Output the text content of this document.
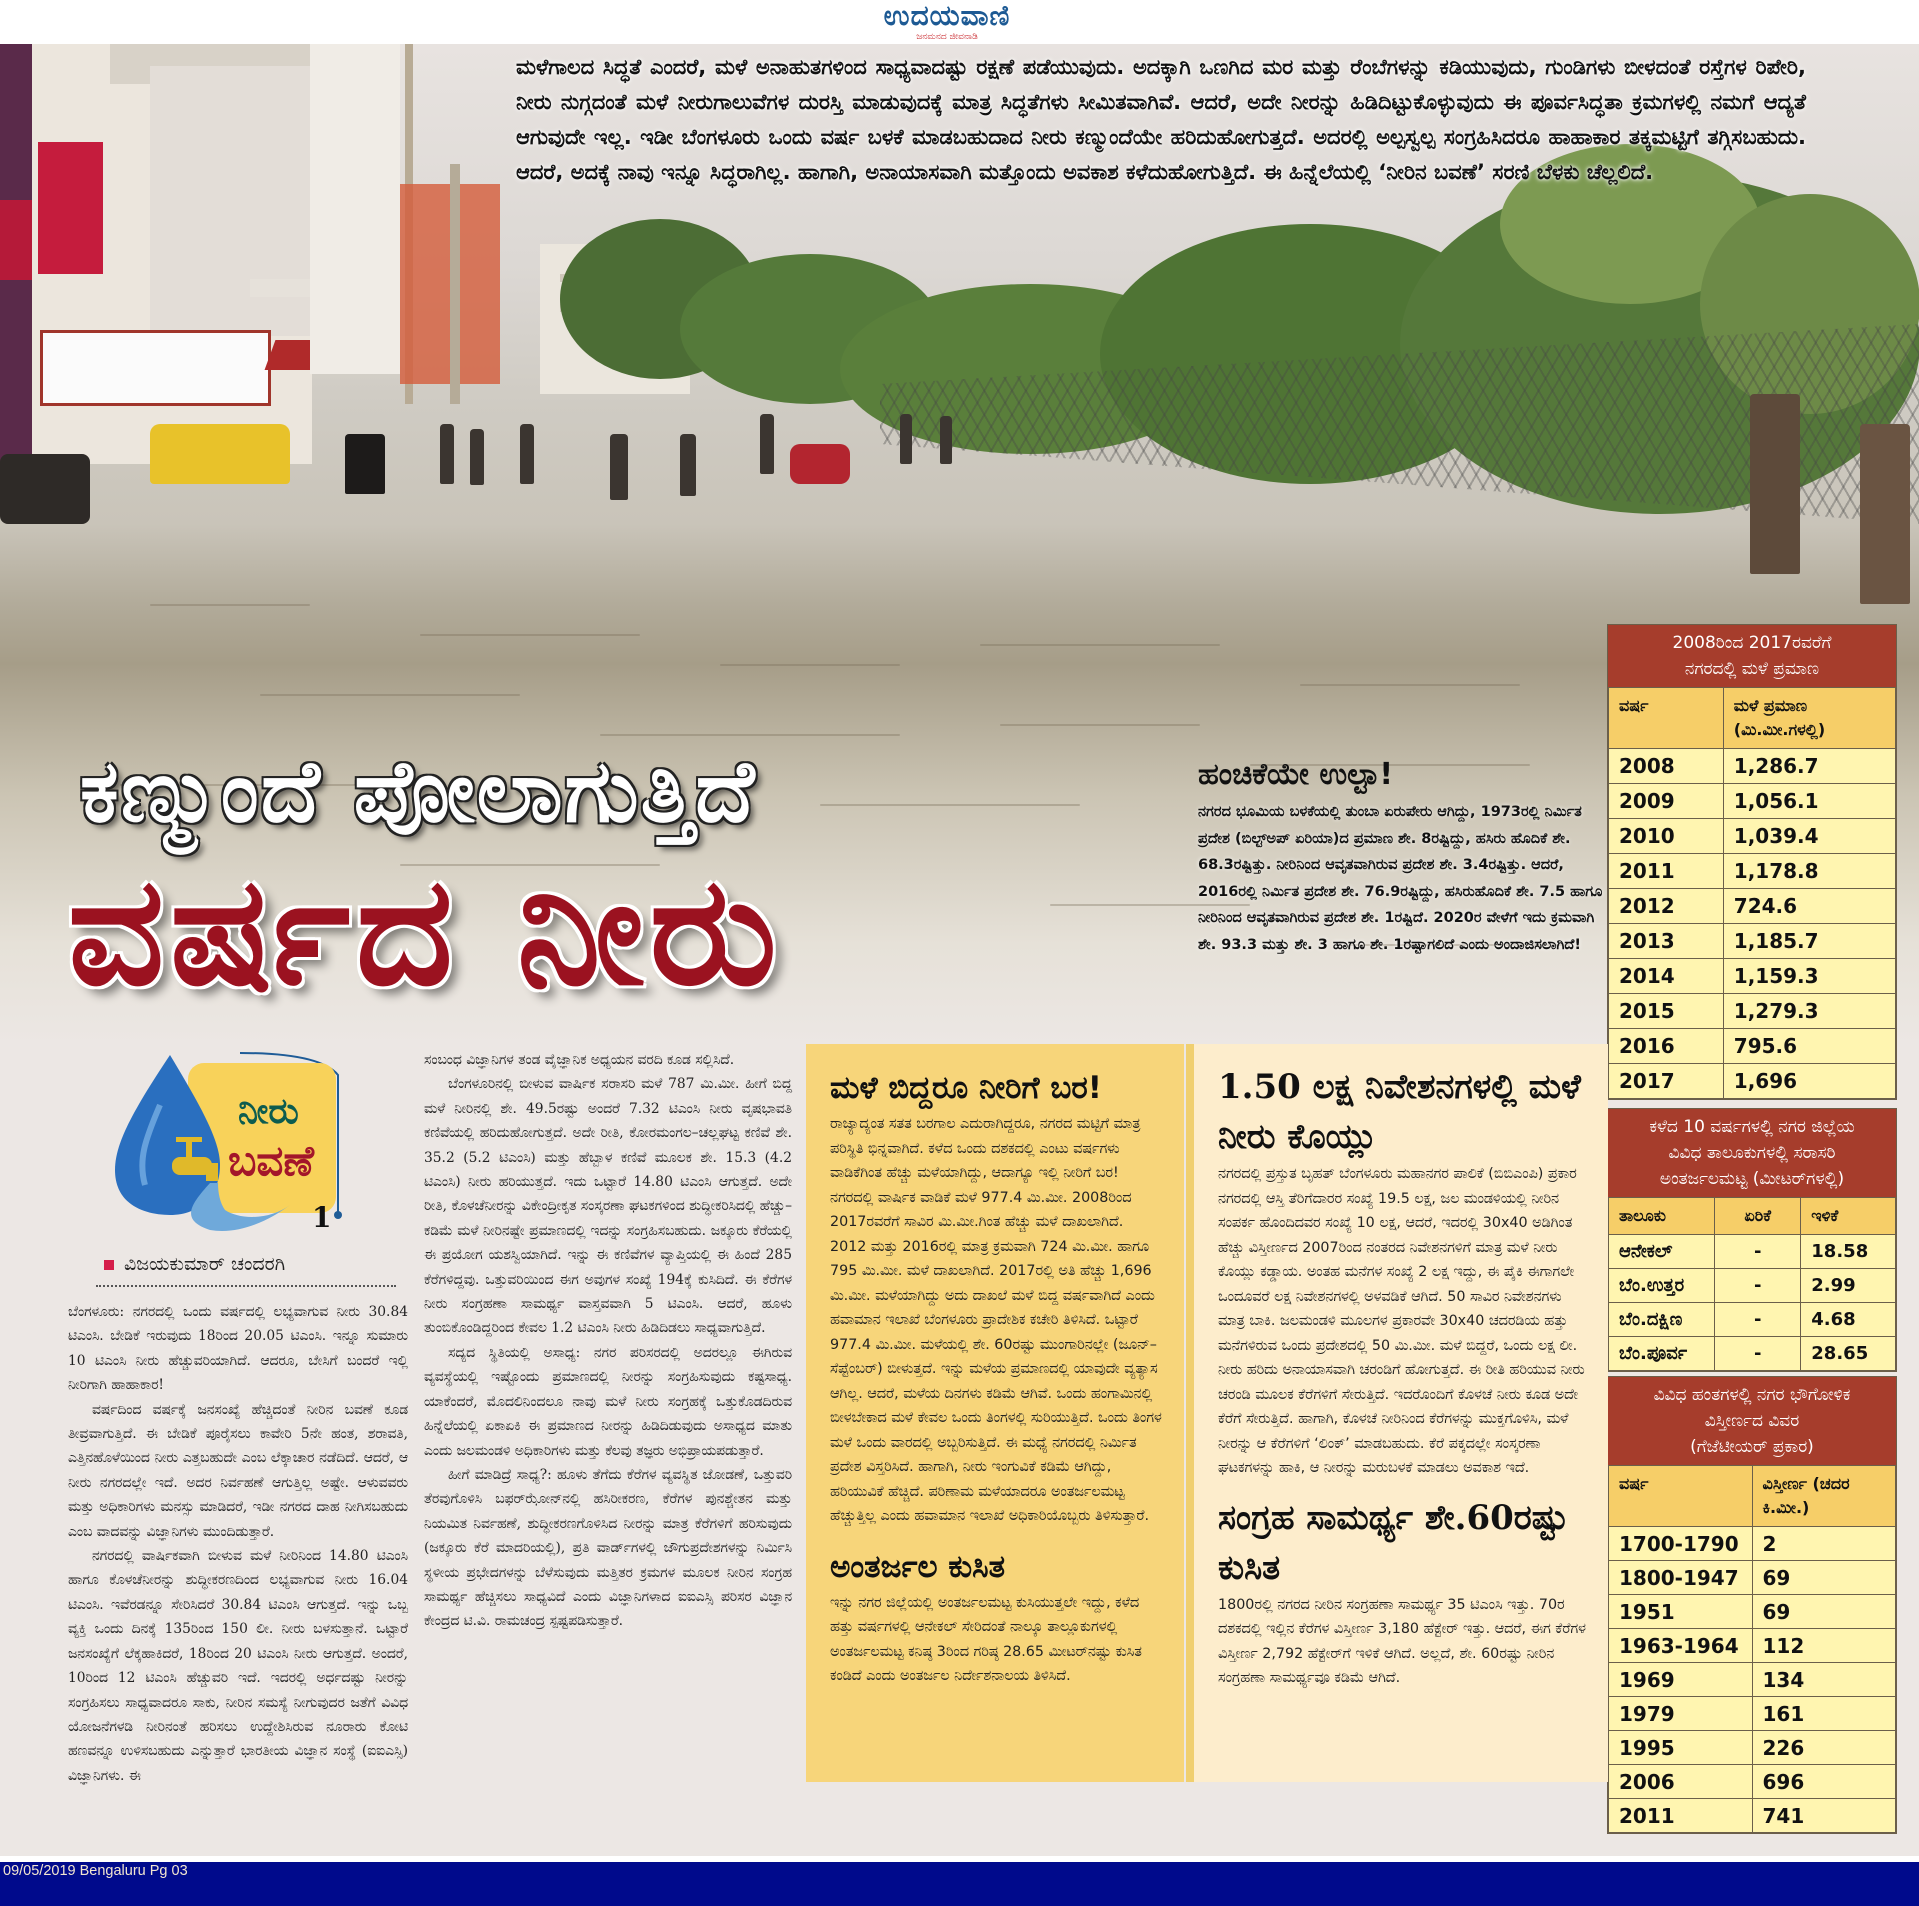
ಉದಯವಾಣಿ
ಜನಮನದ ಜೀವನಾಡಿ
ಮಳೆಗಾಲದ ಸಿದ್ಧತೆ ಎಂದರೆ, ಮಳೆ ಅನಾಹುತಗಳಿಂದ ಸಾಧ್ಯವಾದಷ್ಟು ರಕ್ಷಣೆ ಪಡೆಯುವುದು. ಅದಕ್ಕಾಗಿ ಒಣಗಿದ ಮರ ಮತ್ತು ರೆಂಬೆಗಳನ್ನು ಕಡಿಯುವುದು, ಗುಂಡಿಗಳು ಬೀಳದಂತೆ ರಸ್ತೆಗಳ ರಿಪೇರಿ, ನೀರು ನುಗ್ಗದಂತೆ ಮಳೆ ನೀರುಗಾಲುವೆಗಳ ದುರಸ್ತಿ ಮಾಡುವುದಕ್ಕೆ ಮಾತ್ರ ಸಿದ್ಧತೆಗಳು ಸೀಮಿತವಾಗಿವೆ. ಆದರೆ, ಅದೇ ನೀರನ್ನು ಹಿಡಿದಿಟ್ಟುಕೊಳ್ಳುವುದು ಈ ಪೂರ್ವಸಿದ್ಧತಾ ಕ್ರಮಗಳಲ್ಲಿ ನಮಗೆ ಆದ್ಯತೆ ಆಗುವುದೇ ಇಲ್ಲ. ಇಡೀ ಬೆಂಗಳೂರು ಒಂದು ವರ್ಷ ಬಳಕೆ ಮಾಡಬಹುದಾದ ನೀರು ಕಣ್ಮುಂದೆಯೇ ಹರಿದುಹೋಗುತ್ತದೆ. ಅದರಲ್ಲಿ ಅಲ್ಪಸ್ವಲ್ಪ ಸಂಗ್ರಹಿಸಿದರೂ ಹಾಹಾಕಾರ ತಕ್ಕಮಟ್ಟಿಗೆ ತಗ್ಗಿಸಬಹುದು. ಆದರೆ, ಅದಕ್ಕೆ ನಾವು ಇನ್ನೂ ಸಿದ್ಧರಾಗಿಲ್ಲ. ಹಾಗಾಗಿ, ಅನಾಯಾಸವಾಗಿ ಮತ್ತೊಂದು ಅವಕಾಶ ಕಳೆದುಹೋಗುತ್ತಿದೆ. ಈ ಹಿನ್ನೆಲೆಯಲ್ಲಿ ‘ನೀರಿನ ಬವಣೆ’ ಸರಣಿ ಬೆಳಕು ಚೆಲ್ಲಲಿದೆ.
ಕಣ್ಮುಂದೆ ಪೋಲಾಗುತ್ತಿದೆ
ವರ್ಷದ ನೀರು
ಹಂಚಿಕೆಯೇ ಉಲ್ಟಾ!

ನಗರದ ಭೂಮಿಯ ಬಳಕೆಯಲ್ಲಿ ತುಂಬಾ ಏರುಪೇರು ಆಗಿದ್ದು, 1973ರಲ್ಲಿ ನಿರ್ಮಿತ ಪ್ರದೇಶ (ಬಿಲ್ಟ್‌ಅಪ್ ಏರಿಯಾ)ದ ಪ್ರಮಾಣ ಶೇ. 8ರಷ್ಟಿದ್ದು, ಹಸಿರು ಹೊದಿಕೆ ಶೇ. 68.3ರಷ್ಟಿತ್ತು. ನೀರಿನಿಂದ ಆವೃತವಾಗಿರುವ ಪ್ರದೇಶ ಶೇ. 3.4ರಷ್ಟಿತ್ತು. ಆದರೆ, 2016ರಲ್ಲಿ ನಿರ್ಮಿತ ಪ್ರದೇಶ ಶೇ. 76.9ರಷ್ಟಿದ್ದು, ಹಸಿರುಹೊದಿಕೆ ಶೇ. 7.5 ಹಾಗೂ ನೀರಿನಿಂದ ಆವೃತವಾಗಿರುವ ಪ್ರದೇಶ ಶೇ. 1ರಷ್ಟಿದೆ. 2020ರ ವೇಳೆಗೆ ಇದು ಕ್ರಮವಾಗಿ ಶೇ. 93.3 ಮತ್ತು ಶೇ. 3 ಹಾಗೂ ಶೇ. 1ರಷ್ಟಾಗಲಿದೆ ಎಂದು ಅಂದಾಜಿಸಲಾಗಿದೆ!

2008ರಿಂದ 2017ರವರೆಗೆ
ನಗರದಲ್ಲಿ ಮಳೆ ಪ್ರಮಾಣ
ವರ್ಷ	ಮಳೆ ಪ್ರಮಾಣ (ಮಿ.ಮೀ.ಗಳಲ್ಲಿ)
2008	1,286.7
2009	1,056.1
2010	1,039.4
2011	1,178.8
2012	724.6
2013	1,185.7
2014	1,159.3
2015	1,279.3
2016	795.6
2017	1,696
ಕಳೆದ 10 ವರ್ಷಗಳಲ್ಲಿ ನಗರ ಜಿಲ್ಲೆಯ
ವಿವಿಧ ತಾಲೂಕುಗಳಲ್ಲಿ ಸರಾಸರಿ
ಅಂತರ್ಜಲಮಟ್ಟ (ಮೀಟರ್‌ಗಳಲ್ಲಿ)
ತಾಲೂಕು	ಏರಿಕೆ	ಇಳಿಕೆ
ಆನೇಕಲ್	-	18.58
ಬೆಂ.ಉತ್ತರ	-	2.99
ಬೆಂ.ದಕ್ಷಿಣ	-	4.68
ಬೆಂ.ಪೂರ್ವ	-	28.65
ವಿವಿಧ ಹಂತಗಳಲ್ಲಿ ನಗರ ಭೌಗೋಳಿಕ
ವಿಸ್ತೀರ್ಣದ ವಿವರ
(ಗೆಜೆಟೀಯರ್ ಪ್ರಕಾರ)
ವರ್ಷ	ವಿಸ್ತೀರ್ಣ (ಚದರ ಕಿ.ಮೀ.)
1700-1790	2
1800-1947	69
1951	69
1963-1964	112
1969	134
1979	161
1995	226
2006	696
2011	741
ನೀರು
ಬವಣೆ
1
ವಿಜಯಕುಮಾರ್ ಚಂದರಗಿ

ಬೆಂಗಳೂರು: ನಗರದಲ್ಲಿ ಒಂದು ವರ್ಷದಲ್ಲಿ ಲಭ್ಯವಾಗುವ ನೀರು 30.84 ಟಿಎಂಸಿ. ಬೇಡಿಕೆ ಇರುವುದು 18ರಿಂದ 20.05 ಟಿಎಂಸಿ. ಇನ್ನೂ ಸುಮಾರು 10 ಟಿಎಂಸಿ ನೀರು ಹೆಚ್ಚುವರಿಯಾಗಿದೆ. ಆದರೂ, ಬೇಸಿಗೆ ಬಂದರೆ ಇಲ್ಲಿ ನೀರಿಗಾಗಿ ಹಾಹಾಕಾರ!

ವರ್ಷದಿಂದ ವರ್ಷಕ್ಕೆ ಜನಸಂಖ್ಯೆ ಹೆಚ್ಚಿದಂತೆ ನೀರಿನ ಬವಣೆ ಕೂಡ ತೀವ್ರವಾಗುತ್ತಿದೆ. ಈ ಬೇಡಿಕೆ ಪೂರೈಸಲು ಕಾವೇರಿ 5ನೇ ಹಂತ, ಶರಾವತಿ, ಎತ್ತಿನಹೊಳೆಯಿಂದ ನೀರು ಎತ್ತಬಹುದೇ ಎಂಬ ಲೆಕ್ಕಾಚಾರ ನಡೆದಿದೆ. ಆದರೆ, ಆ ನೀರು ನಗರದಲ್ಲೇ ಇದೆ. ಅದರ ನಿರ್ವಹಣೆ ಆಗುತ್ತಿಲ್ಲ ಅಷ್ಟೇ. ಆಳುವವರು ಮತ್ತು ಅಧಿಕಾರಿಗಳು ಮನಸ್ಸು ಮಾಡಿದರೆ, ಇಡೀ ನಗರದ ದಾಹ ನೀಗಿಸಬಹುದು ಎಂಬ ವಾದವನ್ನು ವಿಜ್ಞಾನಿಗಳು ಮುಂದಿಡುತ್ತಾರೆ.

ನಗರದಲ್ಲಿ ವಾರ್ಷಿಕವಾಗಿ ಬೀಳುವ ಮಳೆ ನೀರಿನಿಂದ 14.80 ಟಿಎಂಸಿ ಹಾಗೂ ಕೊಳಚೆನೀರನ್ನು ಶುದ್ಧೀಕರಣದಿಂದ ಲಭ್ಯವಾಗುವ ನೀರು 16.04 ಟಿಎಂಸಿ. ಇವೆರಡನ್ನೂ ಸೇರಿಸಿದರೆ 30.84 ಟಿಎಂಸಿ ಆಗುತ್ತದೆ. ಇನ್ನು ಒಬ್ಬ ವ್ಯಕ್ತಿ ಒಂದು ದಿನಕ್ಕೆ 135ರಿಂದ 150 ಲೀ. ನೀರು ಬಳಸುತ್ತಾನೆ. ಒಟ್ಟಾರೆ ಜನಸಂಖ್ಯೆಗೆ ಲೆಕ್ಕಹಾಕಿದರೆ, 18ರಿಂದ 20 ಟಿಎಂಸಿ ನೀರು ಆಗುತ್ತದೆ. ಅಂದರೆ, 10ರಿಂದ 12 ಟಿಎಂಸಿ ಹೆಚ್ಚುವರಿ ಇದೆ. ಇದರಲ್ಲಿ ಅರ್ಧದಷ್ಟು ನೀರನ್ನು ಸಂಗ್ರಹಿಸಲು ಸಾಧ್ಯವಾದರೂ ಸಾಕು, ನೀರಿನ ಸಮಸ್ಯೆ ನೀಗುವುದರ ಜತೆಗೆ ವಿವಿಧ ಯೋಜನೆಗಳಡಿ ನೀರಿನಂತೆ ಹರಿಸಲು ಉದ್ದೇಶಿಸಿರುವ ನೂರಾರು ಕೋಟಿ ಹಣವನ್ನೂ ಉಳಿಸಬಹುದು ಎನ್ನುತ್ತಾರೆ ಭಾರತೀಯ ವಿಜ್ಞಾನ ಸಂಸ್ಥೆ (ಐಐಎಸ್ಸಿ) ವಿಜ್ಞಾನಿಗಳು. ಈ

ಸಂಬಂಧ ವಿಜ್ಞಾನಿಗಳ ತಂಡ ವೈಜ್ಞಾನಿಕ ಅಧ್ಯಯನ ವರದಿ ಕೂಡ ಸಲ್ಲಿಸಿದೆ.

ಬೆಂಗಳೂರಿನಲ್ಲಿ ಬೀಳುವ ವಾರ್ಷಿಕ ಸರಾಸರಿ ಮಳೆ 787 ಮಿ.ಮೀ. ಹೀಗೆ ಬಿದ್ದ ಮಳೆ ನೀರಿನಲ್ಲಿ ಶೇ. 49.5ರಷ್ಟು ಅಂದರೆ 7.32 ಟಿಎಂಸಿ ನೀರು ವೃಷಭಾವತಿ ಕಣಿವೆಯಲ್ಲಿ ಹರಿದುಹೋಗುತ್ತದೆ. ಅದೇ ರೀತಿ, ಕೋರಮಂಗಲ–ಚಲ್ಲಘಟ್ಟ ಕಣಿವೆ ಶೇ. 35.2 (5.2 ಟಿಎಂಸಿ) ಮತ್ತು ಹೆಬ್ಬಾಳ ಕಣಿವೆ ಮೂಲಕ ಶೇ. 15.3 (4.2 ಟಿಎಂಸಿ) ನೀರು ಹರಿಯುತ್ತದೆ. ಇದು ಒಟ್ಟಾರೆ 14.80 ಟಿಎಂಸಿ ಆಗುತ್ತದೆ. ಅದೇ ರೀತಿ, ಕೊಳಚೆನೀರನ್ನು ವಿಕೇಂದ್ರೀಕೃತ ಸಂಸ್ಕರಣಾ ಘಟಕಗಳಿಂದ ಶುದ್ಧೀಕರಿಸಿದಲ್ಲಿ ಹೆಚ್ಚು–ಕಡಿಮೆ ಮಳೆ ನೀರಿನಷ್ಟೇ ಪ್ರಮಾಣದಲ್ಲಿ ಇದನ್ನು ಸಂಗ್ರಹಿಸಬಹುದು. ಜಕ್ಕೂರು ಕೆರೆಯಲ್ಲಿ ಈ ಪ್ರಯೋಗ ಯಶಸ್ವಿಯಾಗಿದೆ. ಇನ್ನು ಈ ಕಣಿವೆಗಳ ವ್ಯಾಪ್ತಿಯಲ್ಲಿ ಈ ಹಿಂದೆ 285 ಕೆರೆಗಳಿದ್ದವು. ಒತ್ತುವರಿಯಿಂದ ಈಗ ಅವುಗಳ ಸಂಖ್ಯೆ 194ಕ್ಕೆ ಕುಸಿದಿದೆ. ಈ ಕೆರೆಗಳ ನೀರು ಸಂಗ್ರಹಣಾ ಸಾಮರ್ಥ್ಯ ವಾಸ್ತವವಾಗಿ 5 ಟಿಎಂಸಿ. ಆದರೆ, ಹೂಳು ತುಂಬಿಕೊಂಡಿದ್ದರಿಂದ ಕೇವಲ 1.2 ಟಿಎಂಸಿ ನೀರು ಹಿಡಿದಿಡಲು ಸಾಧ್ಯವಾಗುತ್ತಿದೆ.

ಸದ್ಯದ ಸ್ಥಿತಿಯಲ್ಲಿ ಅಸಾಧ್ಯ: ನಗರ ಪರಿಸರದಲ್ಲಿ ಅದರಲ್ಲೂ ಈಗಿರುವ ವ್ಯವಸ್ಥೆಯಲ್ಲಿ ಇಷ್ಟೊಂದು ಪ್ರಮಾಣದಲ್ಲಿ ನೀರನ್ನು ಸಂಗ್ರಹಿಸುವುದು ಕಷ್ಟಸಾಧ್ಯ. ಯಾಕೆಂದರೆ, ಮೊದಲಿನಿಂದಲೂ ನಾವು ಮಳೆ ನೀರು ಸಂಗ್ರಹಕ್ಕೆ ಒತ್ತುಕೊಡದಿರುವ ಹಿನ್ನೆಲೆಯಲ್ಲಿ ಏಕಾಏಕಿ ಈ ಪ್ರಮಾಣದ ನೀರನ್ನು ಹಿಡಿದಿಡುವುದು ಅಸಾಧ್ಯದ ಮಾತು ಎಂದು ಜಲಮಂಡಳಿ ಅಧಿಕಾರಿಗಳು ಮತ್ತು ಕೆಲವು ತಜ್ಞರು ಅಭಿಪ್ರಾಯಪಡುತ್ತಾರೆ.

ಹೀಗೆ ಮಾಡಿದ್ರೆ ಸಾಧ್ಯ?: ಹೂಳು ತೆಗೆದು ಕೆರೆಗಳ ವ್ಯವಸ್ಥಿತ ಜೋಡಣೆ, ಒತ್ತುವರಿ ತೆರವುಗೊಳಿಸಿ ಬಫರ್‌ಝೋನ್‌ನಲ್ಲಿ ಹಸಿರೀಕರಣ, ಕೆರೆಗಳ ಪುನಶ್ಚೇತನ ಮತ್ತು ನಿಯಮಿತ ನಿರ್ವಹಣೆ, ಶುದ್ಧೀಕರಣಗೊಳಿಸಿದ ನೀರನ್ನು ಮಾತ್ರ ಕೆರೆಗಳಿಗೆ ಹರಿಸುವುದು (ಜಕ್ಕೂರು ಕೆರೆ ಮಾದರಿಯಲ್ಲಿ), ಪ್ರತಿ ವಾರ್ಡ್‌ಗಳಲ್ಲಿ ಜೌಗುಪ್ರದೇಶಗಳನ್ನು ನಿರ್ಮಿಸಿ ಸ್ಥಳೀಯ ಪ್ರಭೇದಗಳನ್ನು ಬೆಳೆಸುವುದು ಮತ್ತಿತರ ಕ್ರಮಗಳ ಮೂಲಕ ನೀರಿನ ಸಂಗ್ರಹ ಸಾಮರ್ಥ್ಯ ಹೆಚ್ಚಿಸಲು ಸಾಧ್ಯವಿದೆ ಎಂದು ವಿಜ್ಞಾನಿಗಳಾದ ಐಐಎಸ್ಸಿ ಪರಿಸರ ವಿಜ್ಞಾನ ಕೇಂದ್ರದ ಟಿ.ವಿ. ರಾಮಚಂದ್ರ ಸ್ಪಷ್ಟಪಡಿಸುತ್ತಾರೆ.

ಮಳೆ ಬಿದ್ದರೂ ನೀರಿಗೆ ಬರ!
ರಾಜ್ಯಾದ್ಯಂತ ಸತತ ಬರಗಾಲ ಎದುರಾಗಿದ್ದರೂ, ನಗರದ ಮಟ್ಟಿಗೆ ಮಾತ್ರ ಪರಿಸ್ಥಿತಿ ಭಿನ್ನವಾಗಿದೆ. ಕಳೆದ ಒಂದು ದಶಕದಲ್ಲಿ ಎಂಟು ವರ್ಷಗಳು ವಾಡಿಕೆಗಿಂತ ಹೆಚ್ಚು ಮಳೆಯಾಗಿದ್ದು, ಆದಾಗ್ಯೂ ಇಲ್ಲಿ ನೀರಿಗೆ ಬರ! ನಗರದಲ್ಲಿ ವಾರ್ಷಿಕ ವಾಡಿಕೆ ಮಳೆ 977.4 ಮಿ.ಮೀ. 2008ರಿಂದ 2017ರವರೆಗೆ ಸಾವಿರ ಮಿ.ಮೀ.ಗಿಂತ ಹೆಚ್ಚು ಮಳೆ ದಾಖಲಾಗಿದೆ. 2012 ಮತ್ತು 2016ರಲ್ಲಿ ಮಾತ್ರ ಕ್ರಮವಾಗಿ 724 ಮಿ.ಮೀ. ಹಾಗೂ 795 ಮಿ.ಮೀ. ಮಳೆ ದಾಖಲಾಗಿದೆ. 2017ರಲ್ಲಿ ಅತಿ ಹೆಚ್ಚು 1,696 ಮಿ.ಮೀ. ಮಳೆಯಾಗಿದ್ದು ಅದು ದಾಖಲೆ ಮಳೆ ಬಿದ್ದ ವರ್ಷವಾಗಿದೆ ಎಂದು ಹವಾಮಾನ ಇಲಾಖೆ ಬೆಂಗಳೂರು ಪ್ರಾದೇಶಿಕ ಕಚೇರಿ ತಿಳಿಸಿದೆ. ಒಟ್ಟಾರೆ 977.4 ಮಿ.ಮೀ. ಮಳೆಯಲ್ಲಿ ಶೇ. 60ರಷ್ಟು ಮುಂಗಾರಿನಲ್ಲೇ (ಜೂನ್–ಸೆಪ್ಟೆಂಬರ್) ಬೀಳುತ್ತದೆ. ಇನ್ನು ಮಳೆಯ ಪ್ರಮಾಣದಲ್ಲಿ ಯಾವುದೇ ವ್ಯತ್ಯಾಸ ಆಗಿಲ್ಲ. ಆದರೆ, ಮಳೆಯ ದಿನಗಳು ಕಡಿಮೆ ಆಗಿವೆ. ಒಂದು ಹಂಗಾಮಿನಲ್ಲಿ ಬೀಳಬೇಕಾದ ಮಳೆ ಕೇವಲ ಒಂದು ತಿಂಗಳಲ್ಲಿ ಸುರಿಯುತ್ತಿದೆ. ಒಂದು ತಿಂಗಳ ಮಳೆ ಒಂದು ವಾರದಲ್ಲಿ ಅಬ್ಬರಿಸುತ್ತಿದೆ. ಈ ಮಧ್ಯೆ ನಗರದಲ್ಲಿ ನಿರ್ಮಿತ ಪ್ರದೇಶ ವಿಸ್ತರಿಸಿದೆ. ಹಾಗಾಗಿ, ನೀರು ಇಂಗುವಿಕೆ ಕಡಿಮೆ ಆಗಿದ್ದು, ಹರಿಯುವಿಕೆ ಹೆಚ್ಚಿದೆ. ಪರಿಣಾಮ ಮಳೆಯಾದರೂ ಅಂತರ್ಜಲಮಟ್ಟ ಹೆಚ್ಚುತ್ತಿಲ್ಲ ಎಂದು ಹವಾಮಾನ ಇಲಾಖೆ ಅಧಿಕಾರಿಯೊಬ್ಬರು ತಿಳಿಸುತ್ತಾರೆ.
ಅಂತರ್ಜಲ ಕುಸಿತ
ಇನ್ನು ನಗರ ಜಿಲ್ಲೆಯಲ್ಲಿ ಅಂತರ್ಜಲಮಟ್ಟ ಕುಸಿಯುತ್ತಲೇ ಇದ್ದು, ಕಳೆದ ಹತ್ತು ವರ್ಷಗಳಲ್ಲಿ ಆನೇಕಲ್ ಸೇರಿದಂತೆ ನಾಲ್ಕೂ ತಾಲ್ಲೂಕುಗಳಲ್ಲಿ ಅಂತರ್ಜಲಮಟ್ಟ ಕನಿಷ್ಠ 3ರಿಂದ ಗರಿಷ್ಠ 28.65 ಮೀಟರ್‌ನಷ್ಟು ಕುಸಿತ ಕಂಡಿದೆ ಎಂದು ಅಂತರ್ಜಲ ನಿರ್ದೇಶನಾಲಯ ತಿಳಿಸಿದೆ.
1.50 ಲಕ್ಷ ನಿವೇಶನಗಳಲ್ಲಿ ಮಳೆ ನೀರು ಕೊಯ್ಲು
ನಗರದಲ್ಲಿ ಪ್ರಸ್ತುತ ಬೃಹತ್ ಬೆಂಗಳೂರು ಮಹಾನಗರ ಪಾಲಿಕೆ (ಬಿಬಿಎಂಪಿ) ಪ್ರಕಾರ ನಗರದಲ್ಲಿ ಆಸ್ತಿ ತೆರಿಗೆದಾರರ ಸಂಖ್ಯೆ 19.5 ಲಕ್ಷ, ಜಲ ಮಂಡಳಿಯಲ್ಲಿ ನೀರಿನ ಸಂಪರ್ಕ ಹೊಂದಿದವರ ಸಂಖ್ಯೆ 10 ಲಕ್ಷ, ಆದರೆ, ಇದರಲ್ಲಿ 30x40 ಅಡಿಗಿಂತ ಹೆಚ್ಚು ವಿಸ್ತೀರ್ಣದ 2007ರಿಂದ ನಂತರದ ನಿವೇಶನಗಳಿಗೆ ಮಾತ್ರ ಮಳೆ ನೀರು ಕೊಯ್ಲು ಕಡ್ಡಾಯ. ಅಂತಹ ಮನೆಗಳ ಸಂಖ್ಯೆ 2 ಲಕ್ಷ ಇದ್ದು, ಈ ಪೈಕಿ ಈಗಾಗಲೇ ಒಂದೂವರೆ ಲಕ್ಷ ನಿವೇಶನಗಳಲ್ಲಿ ಅಳವಡಿಕೆ ಆಗಿದೆ. 50 ಸಾವಿರ ನಿವೇಶನಗಳು ಮಾತ್ರ ಬಾಕಿ. ಜಲಮಂಡಳಿ ಮೂಲಗಳ ಪ್ರಕಾರವೇ 30x40 ಚದರಡಿಯ ಹತ್ತು ಮನೆಗಳಿರುವ ಒಂದು ಪ್ರದೇಶದಲ್ಲಿ 50 ಮಿ.ಮೀ. ಮಳೆ ಬಿದ್ದರೆ, ಒಂದು ಲಕ್ಷ ಲೀ. ನೀರು ಹರಿದು ಅನಾಯಾಸವಾಗಿ ಚರಂಡಿಗೆ ಹೋಗುತ್ತದೆ. ಈ ರೀತಿ ಹರಿಯುವ ನೀರು ಚರಂಡಿ ಮೂಲಕ ಕೆರೆಗಳಿಗೆ ಸೇರುತ್ತಿದೆ. ಇದರೊಂದಿಗೆ ಕೊಳಚೆ ನೀರು ಕೂಡ ಅದೇ ಕೆರೆಗೆ ಸೇರುತ್ತಿದೆ. ಹಾಗಾಗಿ, ಕೊಳಚೆ ನೀರಿನಿಂದ ಕೆರೆಗಳನ್ನು ಮುಕ್ತಗೊಳಿಸಿ, ಮಳೆ ನೀರನ್ನು ಆ ಕೆರೆಗಳಿಗೆ ‘ಲಿಂಕ್’ ಮಾಡಬಹುದು. ಕೆರೆ ಪಕ್ಕದಲ್ಲೇ ಸಂಸ್ಕರಣಾ ಘಟಕಗಳನ್ನು ಹಾಕಿ, ಆ ನೀರನ್ನು ಮರುಬಳಕೆ ಮಾಡಲು ಅವಕಾಶ ಇದೆ.
ಸಂಗ್ರಹ ಸಾಮರ್ಥ್ಯ ಶೇ.60ರಷ್ಟು ಕುಸಿತ
1800ರಲ್ಲಿ ನಗರದ ನೀರಿನ ಸಂಗ್ರಹಣಾ ಸಾಮರ್ಥ್ಯ 35 ಟಿಎಂಸಿ ಇತ್ತು. 70ರ ದಶಕದಲ್ಲಿ ಇಲ್ಲಿನ ಕೆರೆಗಳ ವಿಸ್ತೀರ್ಣ 3,180 ಹೆಕ್ಟೇರ್ ಇತ್ತು. ಆದರೆ, ಈಗ ಕೆರೆಗಳ ವಿಸ್ತೀರ್ಣ 2,792 ಹೆಕ್ಟೇರ್‌ಗೆ ಇಳಿಕೆ ಆಗಿದೆ. ಅಲ್ಲದೆ, ಶೇ. 60ರಷ್ಟು ನೀರಿನ ಸಂಗ್ರಹಣಾ ಸಾಮರ್ಥ್ಯವೂ ಕಡಿಮೆ ಆಗಿದೆ.
09/05/2019 Bengaluru Pg 03
